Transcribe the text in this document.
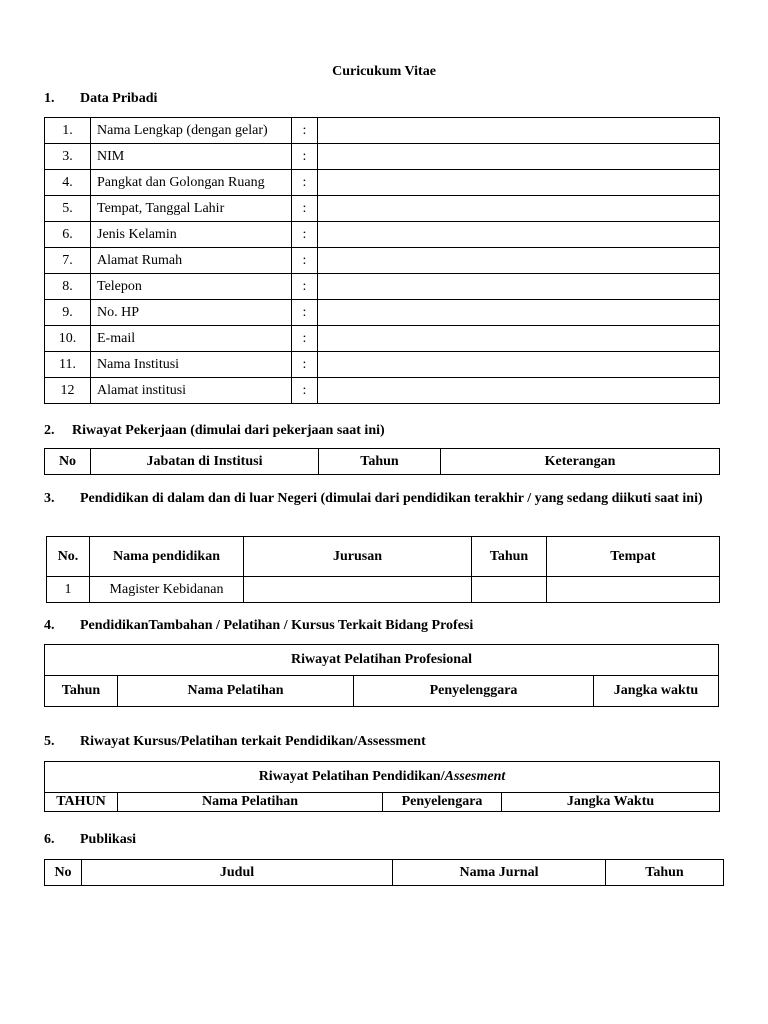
Curicukum Vitae
1. Data Pribadi
1.	Nama Lengkap (dengan gelar)	:	
3.	NIM	:	
4.	Pangkat dan Golongan Ruang	:	
5.	Tempat, Tanggal Lahir	:	
6.	Jenis Kelamin	:	
7.	Alamat Rumah	:	
8.	Telepon	:	
9.	No. HP	:	
10.	E-mail	:	
11.	Nama Institusi	:	
12	Alamat institusi	:	
2. Riwayat Pekerjaan (dimulai dari pekerjaan saat ini)
No	Jabatan di Institusi	Tahun	Keterangan
3. Pendidikan di dalam dan di luar Negeri (dimulai dari pendidikan terakhir / yang sedang diikuti saat ini)
No.	Nama pendidikan	Jurusan	Tahun	Tempat
1	Magister Kebidanan			
4. PendidikanTambahan / Pelatihan / Kursus Terkait Bidang Profesi
Riwayat Pelatihan Profesional
Tahun	Nama Pelatihan	Penyelenggara	Jangka waktu
5. Riwayat Kursus/Pelatihan terkait Pendidikan/Assessment
Riwayat Pelatihan Pendidikan/Assesment
TAHUN	Nama Pelatihan	Penyelengara	Jangka Waktu
6. Publikasi
No	Judul	Nama Jurnal	Tahun
